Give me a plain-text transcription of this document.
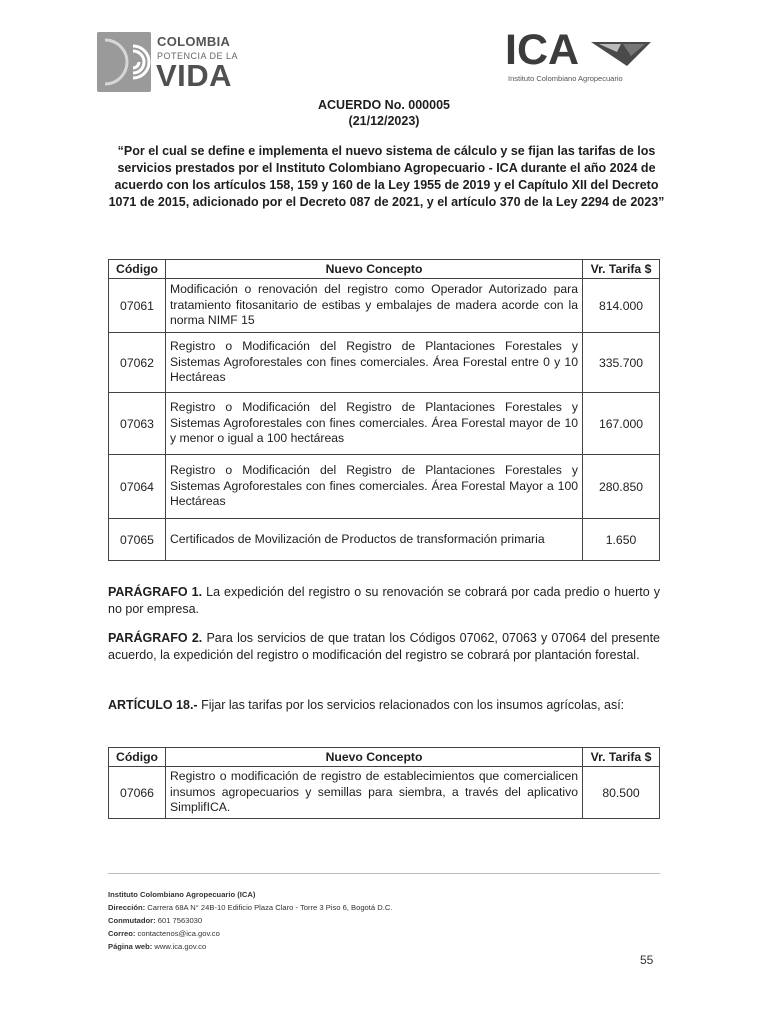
COLOMBIA
POTENCIA DE LA
VIDA
ICA
Instituto Colombiano Agropecuario
ACUERDO No. 000005
(21/12/2023)
“Por el cual se define e implementa el nuevo sistema de cálculo y se fijan las tarifas de los servicios prestados por el Instituto Colombiano Agropecuario - ICA durante el año 2024 de acuerdo con los artículos 158, 159 y 160 de la Ley 1955 de 2019 y el Capítulo XII del Decreto 1071 de 2015, adicionado por el Decreto 087 de 2021, y el artículo 370 de la Ley 2294 de 2023”
Código	Nuevo Concepto	Vr. Tarifa $
07061	Modificación o renovación del registro como Operador Autorizado para tratamiento fitosanitario de estibas y embalajes de madera acorde con la norma NIMF 15	814.000
07062	Registro o Modificación del Registro de Plantaciones Forestales y Sistemas Agroforestales con fines comerciales. Área Forestal entre 0 y 10 Hectáreas	335.700
07063	Registro o Modificación del Registro de Plantaciones Forestales y Sistemas Agroforestales con fines comerciales. Área Forestal mayor de 10 y menor o igual a 100 hectáreas	167.000
07064	Registro o Modificación del Registro de Plantaciones Forestales y Sistemas Agroforestales con fines comerciales. Área Forestal Mayor a 100 Hectáreas	280.850
07065	Certificados de Movilización de Productos de transformación primaria	1.650
PARÁGRAFO 1. La expedición del registro o su renovación se cobrará por cada predio o huerto y no por empresa.
PARÁGRAFO 2. Para los servicios de que tratan los Códigos 07062, 07063 y 07064 del presente acuerdo, la expedición del registro o modificación del registro se cobrará por plantación forestal.
ARTÍCULO 18.- Fijar las tarifas por los servicios relacionados con los insumos agrícolas, así:
Código	Nuevo Concepto	Vr. Tarifa $
07066	Registro o modificación de registro de establecimientos que comercialicen insumos agropecuarios y semillas para siembra, a través del aplicativo SimplifICA.	80.500
Instituto Colombiano Agropecuario (ICA)
Dirección: Carrera 68A N° 24B-10 Edificio Plaza Claro - Torre 3 Piso 6, Bogotá D.C.
Conmutador: 601 7563030
Correo: contactenos@ica.gov.co
Página web: www.ica.gov.co
55
